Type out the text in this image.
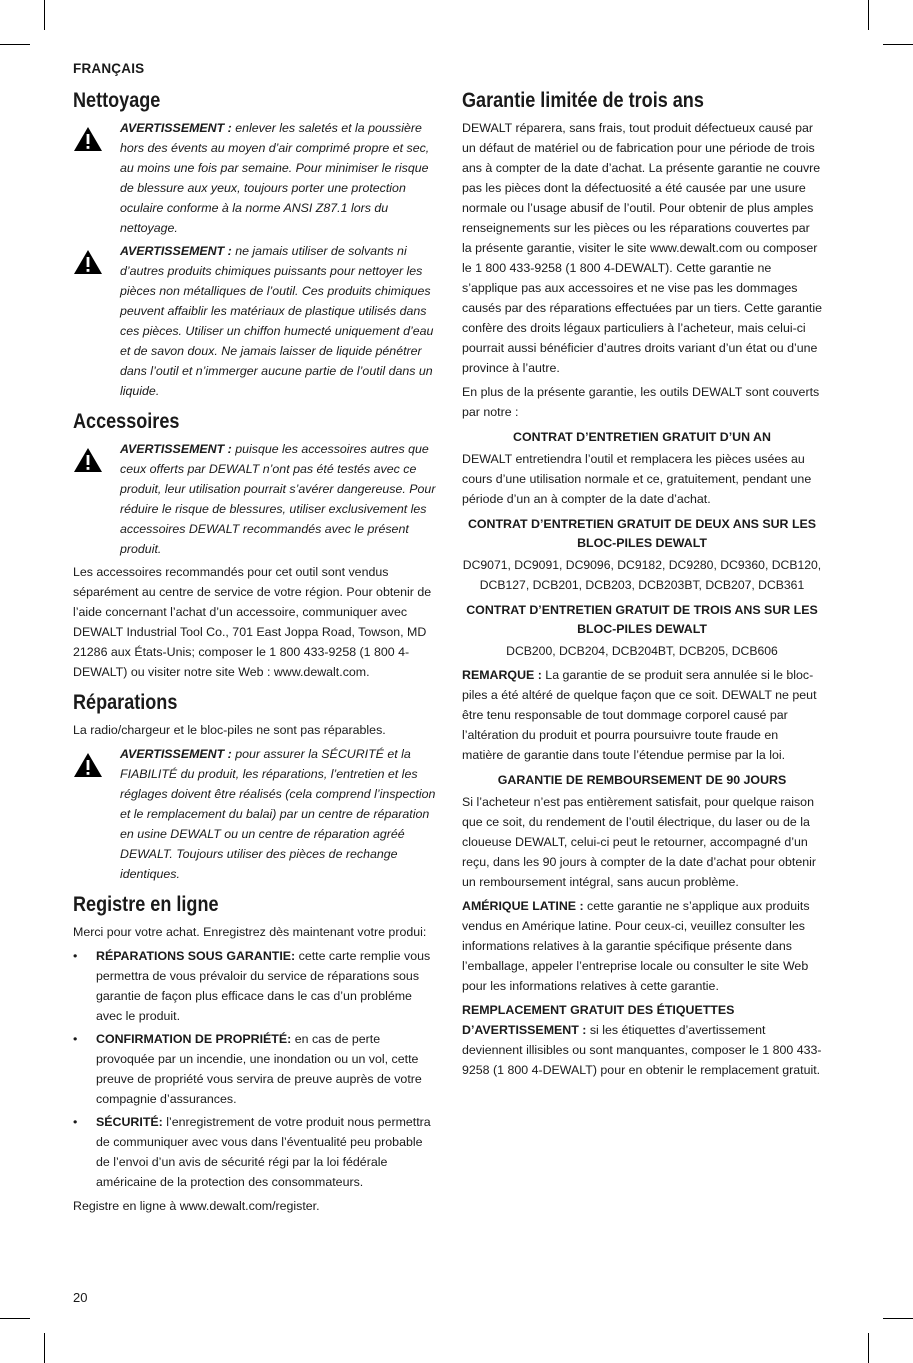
FRANÇAIS
Nettoyage
AVERTISSEMENT : enlever les saletés et la poussière hors des évents au moyen d’air comprimé propre et sec, au moins une fois par semaine. Pour minimiser le risque de blessure aux yeux, toujours porter une protection oculaire conforme à la norme ANSI Z87.1 lors du nettoyage.
AVERTISSEMENT : ne jamais utiliser de solvants ni d’autres produits chimiques puissants pour nettoyer les pièces non métalliques de l’outil. Ces produits chimiques peuvent affaiblir les matériaux de plastique utilisés dans ces pièces. Utiliser un chiffon humecté uniquement d’eau et de savon doux. Ne jamais laisser de liquide pénétrer dans l’outil et n’immerger aucune partie de l’outil dans un liquide.
Accessoires
AVERTISSEMENT : puisque les accessoires autres que ceux offerts par DEWALT n’ont pas été testés avec ce produit, leur utilisation pourrait s’avérer dangereuse. Pour réduire le risque de blessures, utiliser exclusivement les accessoires DEWALT recommandés avec le présent produit.

Les accessoires recommandés pour cet outil sont vendus séparément au centre de service de votre région. Pour obtenir de l’aide concernant l’achat d’un accessoire, communiquer avec DEWALT Industrial Tool Co., 701 East Joppa Road, Towson, MD 21286 aux États-Unis; composer le 1 800 433-9258 (1 800 4-DEWALT) ou visiter notre site Web : www.dewalt.com.

Réparations

La radio/chargeur et le bloc-piles ne sont pas réparables.

AVERTISSEMENT : pour assurer la SÉCURITÉ et la FIABILITÉ du produit, les réparations, l’entretien et les réglages doivent être réalisés (cela comprend l’inspection et le remplacement du balai) par un centre de réparation en usine DEWALT ou un centre de réparation agréé DEWALT. Toujours utiliser des pièces de rechange identiques.
Registre en ligne

Merci pour votre achat. Enregistrez dès maintenant votre produi:

• RÉPARATIONS SOUS GARANTIE: cette carte remplie vous permettra de vous prévaloir du service de réparations sous garantie de façon plus efficace dans le cas d’un probléme avec le produit.
• CONFIRMATION DE PROPRIÉTÉ: en cas de perte provoquée par un incendie, une inondation ou un vol, cette preuve de propriété vous servira de preuve auprès de votre compagnie d’assurances.
• SÉCURITÉ: l’enregistrement de votre produit nous permettra de communiquer avec vous dans l’éventualité peu probable de l’envoi d’un avis de sécurité régi par la loi fédérale américaine de la protection des consommateurs.

Registre en ligne à www.dewalt.com/register.

Garantie limitée de trois ans

DEWALT réparera, sans frais, tout produit défectueux causé par un défaut de matériel ou de fabrication pour une période de trois ans à compter de la date d’achat. La présente garantie ne couvre pas les pièces dont la défectuosité a été causée par une usure normale ou l’usage abusif de l’outil. Pour obtenir de plus amples renseignements sur les pièces ou les réparations couvertes par la présente garantie, visiter le site www.dewalt.com ou composer le 1 800 433-9258 (1 800 4-DEWALT). Cette garantie ne s’applique pas aux accessoires et ne vise pas les dommages causés par des réparations effectuées par un tiers. Cette garantie confère des droits légaux particuliers à l’acheteur, mais celui-ci pourrait aussi bénéficier d’autres droits variant d’un état ou d’une province à l’autre.

En plus de la présente garantie, les outils DEWALT sont couverts par notre :

CONTRAT D’ENTRETIEN GRATUIT D’UN AN

DEWALT entretiendra l’outil et remplacera les pièces usées au cours d’une utilisation normale et ce, gratuitement, pendant une période d’un an à compter de la date d’achat.

CONTRAT D’ENTRETIEN GRATUIT DE DEUX ANS SUR LES BLOC-PILES DEWALT
DC9071, DC9091, DC9096, DC9182, DC9280, DC9360, DCB120, DCB127, DCB201, DCB203, DCB203BT, DCB207, DCB361
CONTRAT D’ENTRETIEN GRATUIT DE TROIS ANS SUR LES BLOC-PILES DEWALT
DCB200, DCB204, DCB204BT, DCB205, DCB606

REMARQUE : La garantie de se produit sera annulée si le bloc-piles a été altéré de quelque façon que ce soit. DEWALT ne peut être tenu responsable de tout dommage corporel causé par l’altération du produit et pourra poursuivre toute fraude en matière de garantie dans toute l’étendue permise par la loi.

GARANTIE DE REMBOURSEMENT DE 90 JOURS

Si l’acheteur n’est pas entièrement satisfait, pour quelque raison que ce soit, du rendement de l’outil électrique, du laser ou de la cloueuse DEWALT, celui-ci peut le retourner, accompagné d’un reçu, dans les 90 jours à compter de la date d’achat pour obtenir un remboursement intégral, sans aucun problème.

AMÉRIQUE LATINE : cette garantie ne s’applique aux produits vendus en Amérique latine. Pour ceux-ci, veuillez consulter les informations relatives à la garantie spécifique présente dans l’emballage, appeler l’entreprise locale ou consulter le site Web pour les informations relatives à cette garantie.

REMPLACEMENT GRATUIT DES ÉTIQUETTES D’AVERTISSEMENT : si les étiquettes d’avertissement deviennent illisibles ou sont manquantes, composer le 1 800 433-9258 (1 800 4-DEWALT) pour en obtenir le remplacement gratuit.

20
